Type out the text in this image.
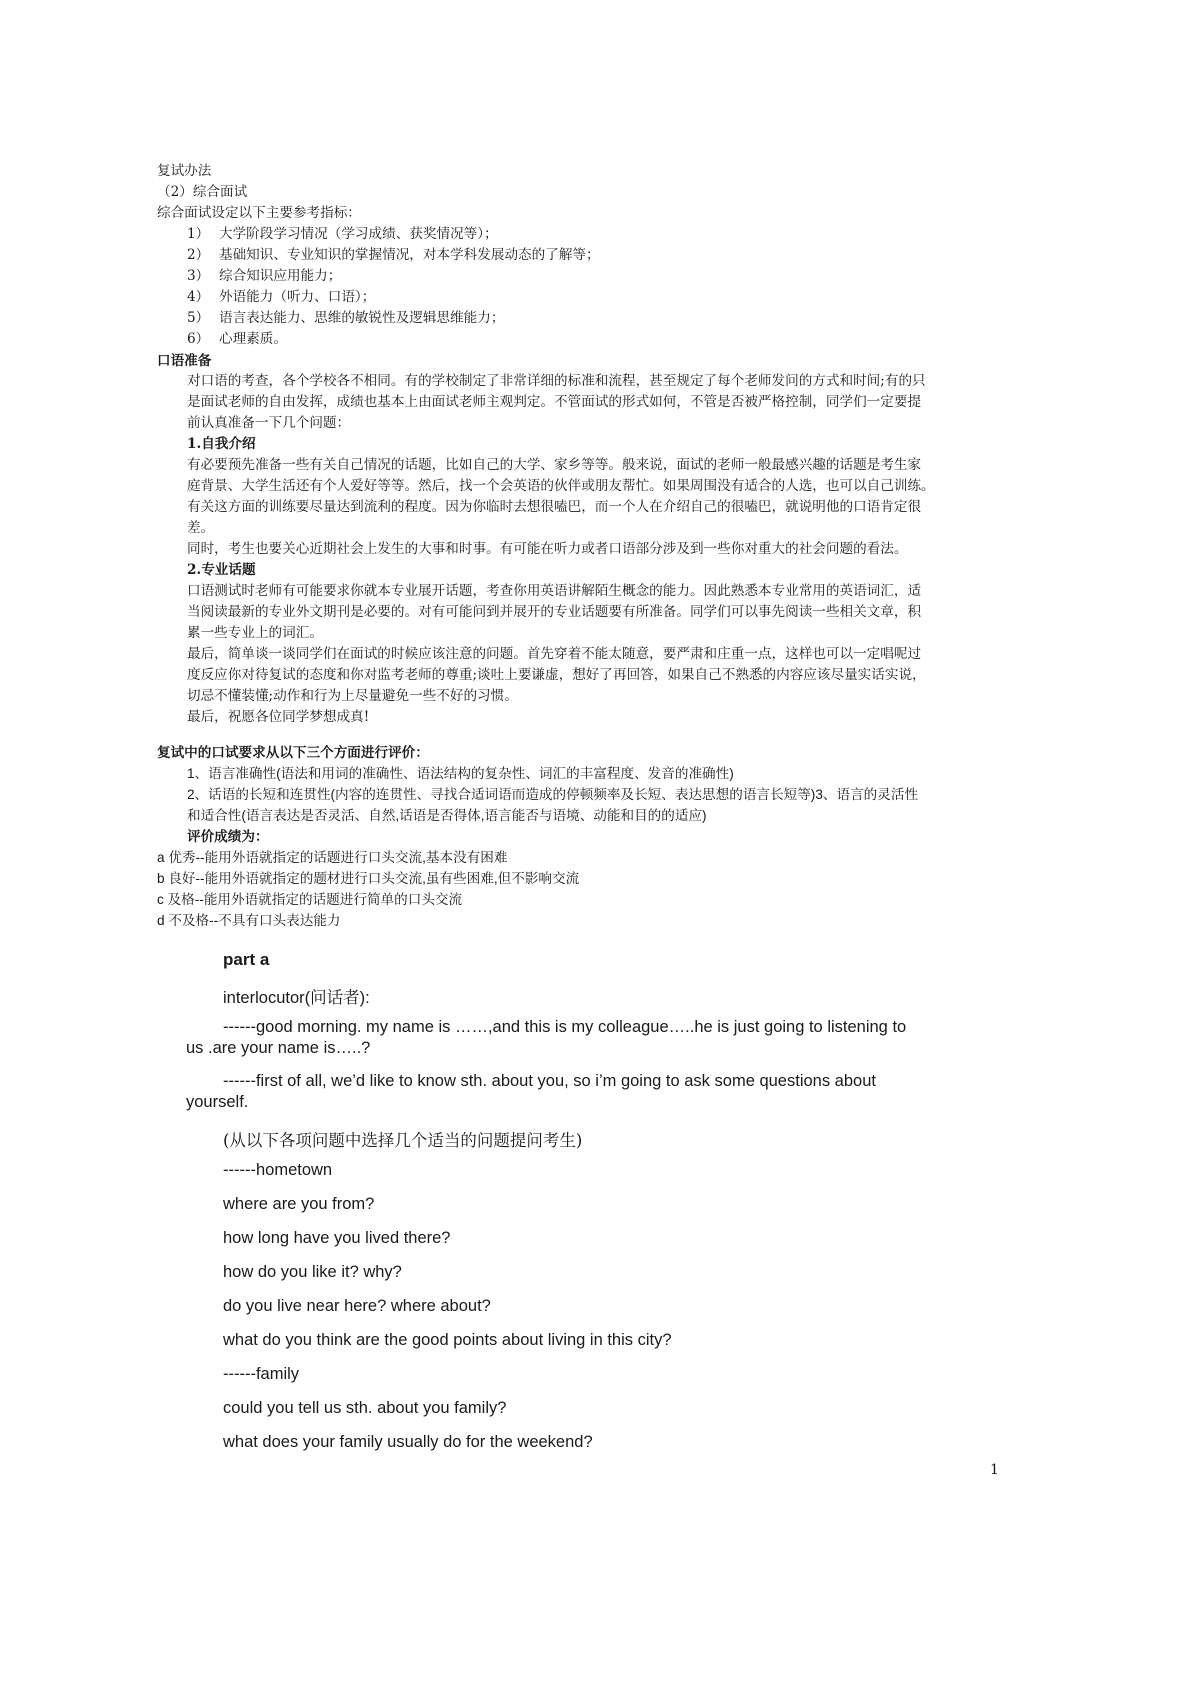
复试办法
（2）综合面试
综合面试设定以下主要参考指标：
1） 大学阶段学习情况（学习成绩、获奖情况等）；
2） 基础知识、专业知识的掌握情况，对本学科发展动态的了解等；
3） 综合知识应用能力；
4） 外语能力（听力、口语）；
5） 语言表达能力、思维的敏锐性及逻辑思维能力；
6） 心理素质。
口语准备
对口语的考查，各个学校各不相同。有的学校制定了非常详细的标准和流程，甚至规定了每个老师发问的方式和时间;有的只
是面试老师的自由发挥，成绩也基本上由面试老师主观判定。不管面试的形式如何，不管是否被严格控制，同学们一定要提
前认真准备一下几个问题：
1.自我介绍
有必要预先准备一些有关自己情况的话题，比如自己的大学、家乡等等。般来说，面试的老师一般最感兴趣的话题是考生家
庭背景、大学生活还有个人爱好等等。然后，找一个会英语的伙伴或朋友帮忙。如果周围没有适合的人选，也可以自己训练。
有关这方面的训练要尽量达到流利的程度。因为你临时去想很嗑巴，而一个人在介绍自己的很嗑巴，就说明他的口语肯定很
差。
同时，考生也要关心近期社会上发生的大事和时事。有可能在听力或者口语部分涉及到一些你对重大的社会问题的看法。
2.专业话题
口语测试时老师有可能要求你就本专业展开话题，考查你用英语讲解陌生概念的能力。因此熟悉本专业常用的英语词汇，适
当阅读最新的专业外文期刊是必要的。对有可能问到并展开的专业话题要有所准备。同学们可以事先阅读一些相关文章，积
累一些专业上的词汇。
最后，简单谈一谈同学们在面试的时候应该注意的问题。首先穿着不能太随意，要严肃和庄重一点，这样也可以一定唱呢过
度反应你对待复试的态度和你对监考老师的尊重;谈吐上要谦虚，想好了再回答，如果自己不熟悉的内容应该尽量实话实说，
切忌不懂装懂;动作和行为上尽量避免一些不好的习惯。
最后，祝愿各位同学梦想成真!
复试中的口试要求从以下三个方面进行评价：
1、语言准确性(语法和用词的准确性、语法结构的复杂性、词汇的丰富程度、发音的准确性)
2、话语的长短和连贯性(内容的连贯性、寻找合适词语而造成的停顿频率及长短、表达思想的语言长短等)3、语言的灵活性
和适合性(语言表达是否灵活、自然,话语是否得体,语言能否与语境、动能和目的的适应)
评价成绩为：
a 优秀--能用外语就指定的话题进行口头交流,基本没有困难
b 良好--能用外语就指定的题材进行口头交流,虽有些困难,但不影响交流
c 及格--能用外语就指定的话题进行简单的口头交流
d 不及格--不具有口头表达能力
part a
interlocutor(问话者):
------good morning. my name is ……,and this is my colleague…..he is just going to listening to
us .are your name is…..?
------first of all, we’d like to know sth. about you, so i’m going to ask some questions about
yourself.
(从以下各项问题中选择几个适当的问题提问考生)
------hometown
where are you from?
how long have you lived there?
how do you like it? why?
do you live near here? where about?
what do you think are the good points about living in this city?
------family
could you tell us sth. about you family?
what does your family usually do for the weekend?
1
